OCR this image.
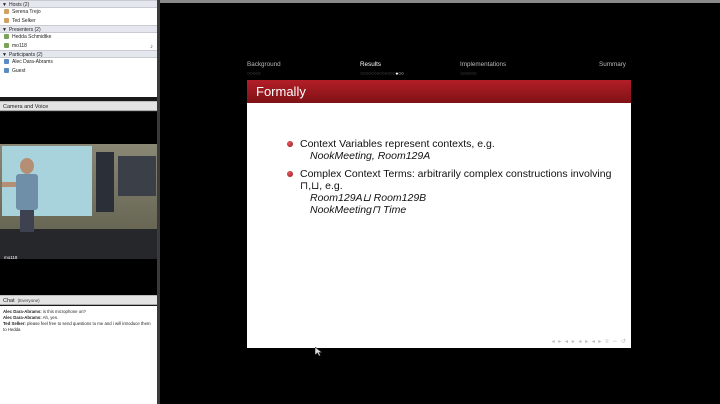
▼ Hosts (2)
Serena Trejo
Ted Selker
▼ Presenters (2)
Hedda Schmidtke
mo118	♪
▼ Participants (2)
Alec Dara-Abrams
Guest
Camera and Voice
mo118
Chat (Everyone)
Alec Dara-Abrams: is this microphone on?
Alec Dara-Abrams: Ah, yes.
Ted Selker: please feel free to send questions to me and i will introduce them to Hedda
Background
○○○○○
Results
○○○○○○○○○○○○○●○○
Implementations
○○○○○○
Summary
Formally
Context Variables represent contexts, e.g.
NookMeeting, Room129A
Complex Context Terms: arbitrarily complex constructions involving ⊓,⊔, e.g.
Room129A⊔ Room129B
NookMeeting⊓ Time
◂ ▸ ◂ ▸ ◂ ▸ ◂ ▸ ≡ ∽ ↺
